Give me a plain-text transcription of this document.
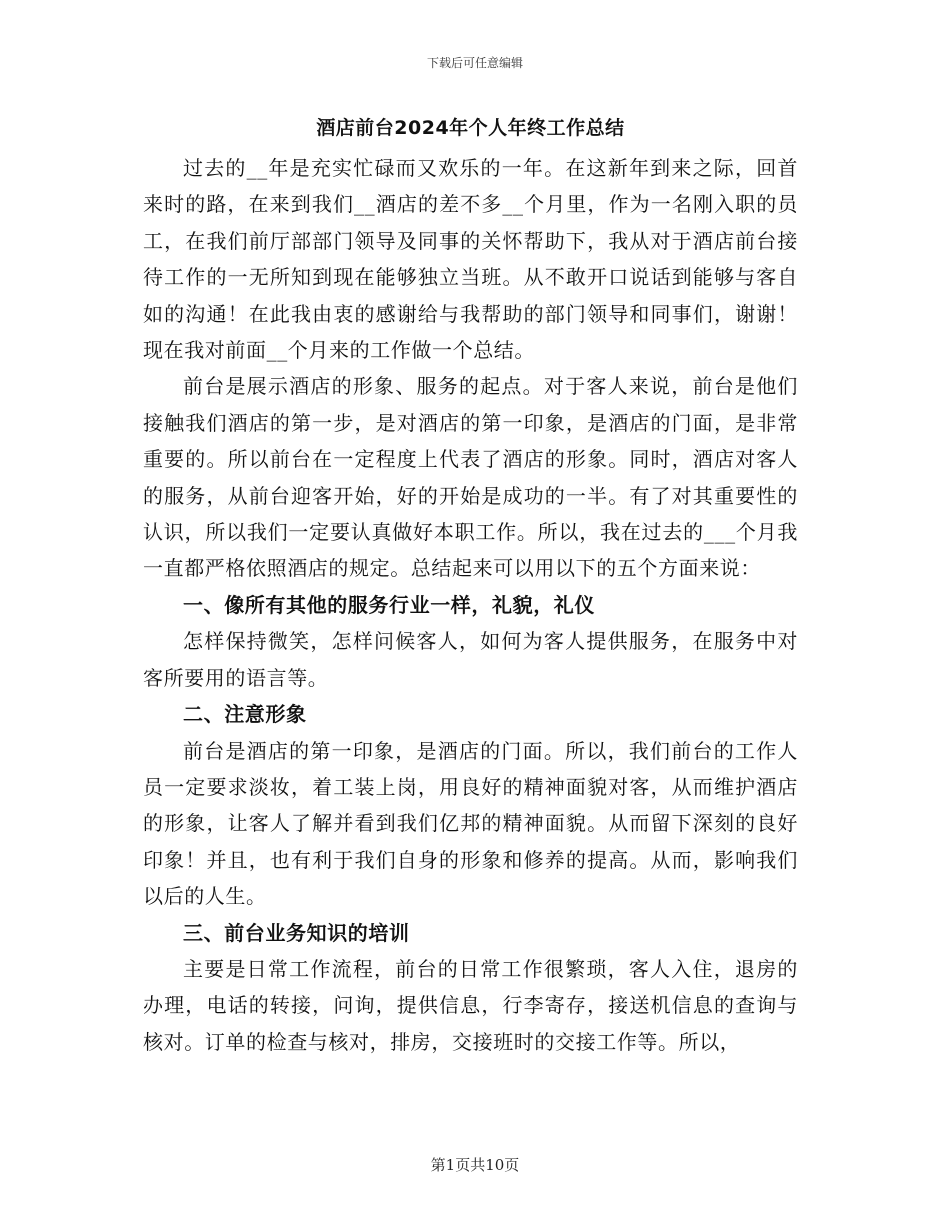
下载后可任意编辑
酒店前台2024年个人年终工作总结

过去的__年是充实忙碌而又欢乐的一年。在这新年到来之际，回首来时的路，在来到我们__酒店的差不多__个月里，作为一名刚入职的员工，在我们前厅部部门领导及同事的关怀帮助下，我从对于酒店前台接待工作的一无所知到现在能够独立当班。从不敢开口说话到能够与客自如的沟通！在此我由衷的感谢给与我帮助的部门领导和同事们，谢谢！现在我对前面__个月来的工作做一个总结。

前台是展示酒店的形象、服务的起点。对于客人来说，前台是他们接触我们酒店的第一步，是对酒店的第一印象，是酒店的门面，是非常重要的。所以前台在一定程度上代表了酒店的形象。同时，酒店对客人的服务，从前台迎客开始，好的开始是成功的一半。有了对其重要性的认识，所以我们一定要认真做好本职工作。所以，我在过去的___个月我一直都严格依照酒店的规定。总结起来可以用以下的五个方面来说：

一、像所有其他的服务行业一样，礼貌，礼仪

怎样保持微笑，怎样问候客人，如何为客人提供服务，在服务中对客所要用的语言等。

二、注意形象

前台是酒店的第一印象，是酒店的门面。所以，我们前台的工作人员一定要求淡妆，着工装上岗，用良好的精神面貌对客，从而维护酒店的形象，让客人了解并看到我们亿邦的精神面貌。从而留下深刻的良好印象！并且，也有利于我们自身的形象和修养的提高。从而，影响我们以后的人生。

三、前台业务知识的培训

主要是日常工作流程，前台的日常工作很繁琐，客人入住，退房的办理，电话的转接，问询，提供信息，行李寄存，接送机信息的查询与核对。订单的检查与核对，排房，交接班时的交接工作等。所以，

第1页共10页
